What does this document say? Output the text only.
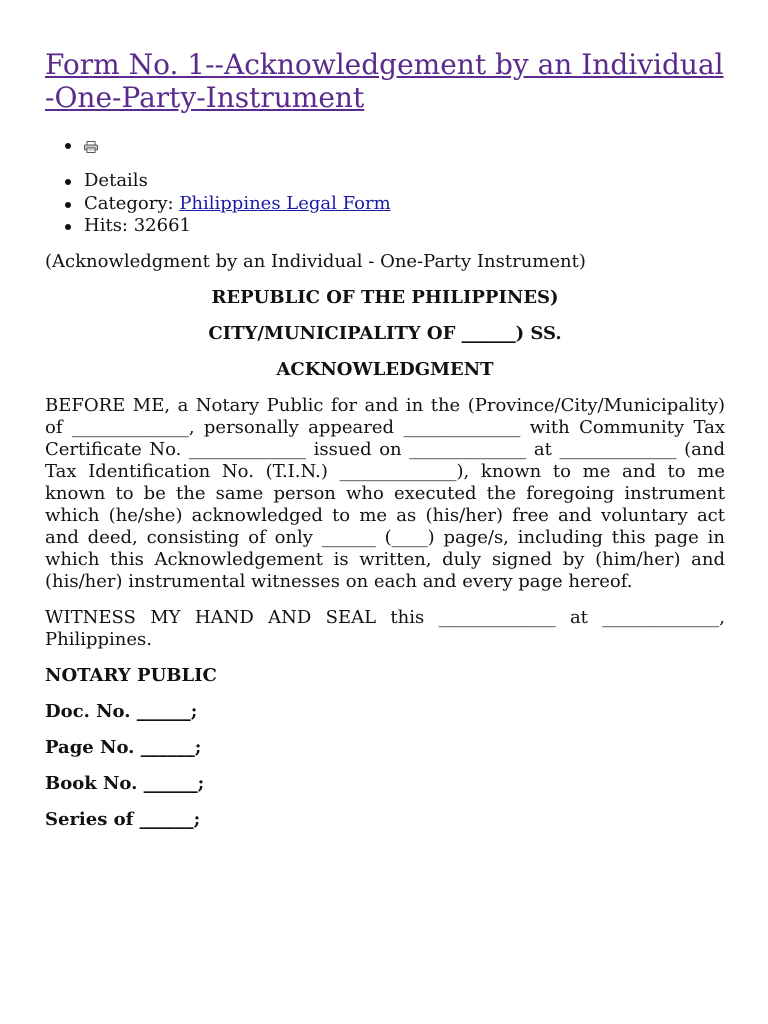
Form No. 1--Acknowledgement by an Individual -One-Party-Instrument
Details
Category: Philippines Legal Form
Hits: 32661

(Acknowledgment by an Individual - One-Party Instrument)

REPUBLIC OF THE PHILIPPINES)

CITY/MUNICIPALITY OF ______) SS.

ACKNOWLEDGMENT

BEFORE ME, a Notary Public for and in the (Province/City/Municipality) of _____________, personally appeared _____________ with Community Tax Certificate No. _____________ issued on _____________ at _____________ (and Tax Identification No. (T.I.N.) _____________), known to me and to me known to be the same person who executed the foregoing instrument which (he/she) acknowledged to me as (his/her) free and voluntary act and deed, consisting of only ______ (____) page/s, including this page in which this Acknowledgement is written, duly signed by (him/her) and (his/her) instrumental witnesses on each and every page hereof.

WITNESS MY HAND AND SEAL this _____________ at _____________, Philippines.

NOTARY PUBLIC

Doc. No. ______;

Page No. ______;

Book No. ______;

Series of ______;
